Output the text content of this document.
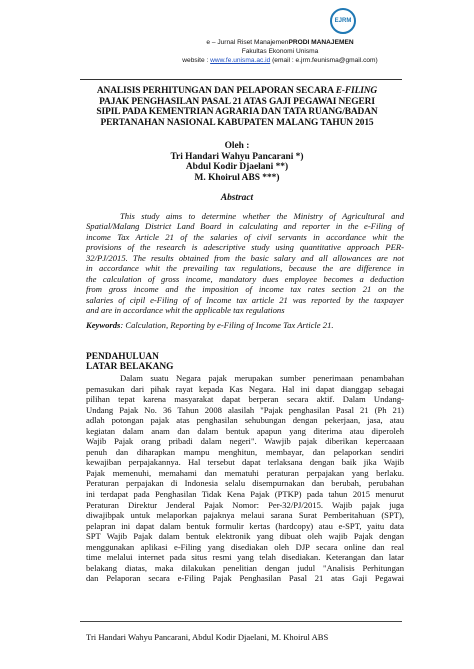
EJRM
e – Jurnal Riset ManajemenPRODI MANAJEMEN
Fakultas Ekonomi Unisma
website : www.fe.unisma.ac.id (email : e.jrm.feunisma@gmail.com)
ANALISIS PERHITUNGAN DAN PELAPORAN SECARA E-FILING
PAJAK PENGHASILAN PASAL 21 ATAS GAJI PEGAWAI NEGERI
SIPIL PADA KEMENTRIAN AGRARIA DAN TATA RUANG/BADAN
PERTANAHAN NASIONAL KABUPATEN MALANG TAHUN 2015
Oleh :
Tri Handari Wahyu Pancarani *)
Abdul Kodir Djaelani **)
M. Khoirul ABS ***)
Abstract
This study aims to determine whether the Ministry of Agricultural and
Spatial/Malang District Land Board in calculating and reporter in the e-Filing of
income Tax Article 21 of the salaries of civil servants in accordance whit the
provisions of the research is adescriptive study using quantitative approach PER-
32/PJ/2015. The results obtained from the basic salary and all allowances are not
in accordance whit the prevailing tax regulations, because the are difference in
the calculation of gross income, mandatory dues employee becomes a deduction
from gross income and the imposition of income tax rates section 21 on the
salaries of cipil e-Filing of of Income tax article 21 was reported by the taxpayer
and are in accordance whit the applicable tax regulations
Keywords: Calculation, Reporting by e-Filing of Income Tax Article 21.
PENDAHULUAN
LATAR BELAKANG
Dalam suatu Negara pajak merupakan sumber penerimaan penambahan
pemasukan dari pihak rayat kepada Kas Negara. Hal ini dapat dianggap sebagai
pilihan tepat karena masyarakat dapat berperan secara aktif. Dalam Undang-
Undang Pajak No. 36 Tahun 2008 alasilah "Pajak penghasilan Pasal 21 (Ph 21)
adlah potongan pajak atas penghasilan sehubungan dengan pekerjaan, jasa, atau
kegiatan dalam anam dan dalam bentuk apapun yang diterima atau diperoleh
Wajib Pajak orang pribadi dalam negeri". Wawjib pajak diberikan kepercaaan
penuh dan diharapkan mampu menghitun, membayar, dan pelaporkan sendiri
kewajiban perpajakannya. Hal tersebut dapat terlaksana dengan baik jika Wajib
Pajak memenuhi, memahami dan mematuhi peraturan perpajakan yang berlaku.
Peraturan perpajakan di Indonesia selalu disempurnakan dan berubah, perubahan
ini terdapat pada Penghasilan Tidak Kena Pajak (PTKP) pada tahun 2015 menurut
Peraturan Direktur Jenderal Pajak Nomor: Per-32/PJ/2015. Wajib pajak juga
diwajibpak untuk melaporkan pajaknya melaui sarana Surat Pemberitahuan (SPT),
pelapran ini dapat dalam bentuk formulir kertas (hardcopy) atau e-SPT, yaitu data
SPT Wajib Pajak dalam bentuk elektronik yang dibuat oleh wajib Pajak dengan
menggunakan aplikasi e-Filing yang disediakan oleh DJP secara online dan real
time melalui internet pada situs resmi yang telah disediakan. Keterangan dan latar
belakang diatas, maka dilakukan penelitian dengan judul "Analisis Perhitungan
dan Pelaporan secara e-Filing Pajak Penghasilan Pasal 21 atas Gaji Pegawai
Tri Handari Wahyu Pancarani, Abdul Kodir Djaelani, M. Khoirul ABS
